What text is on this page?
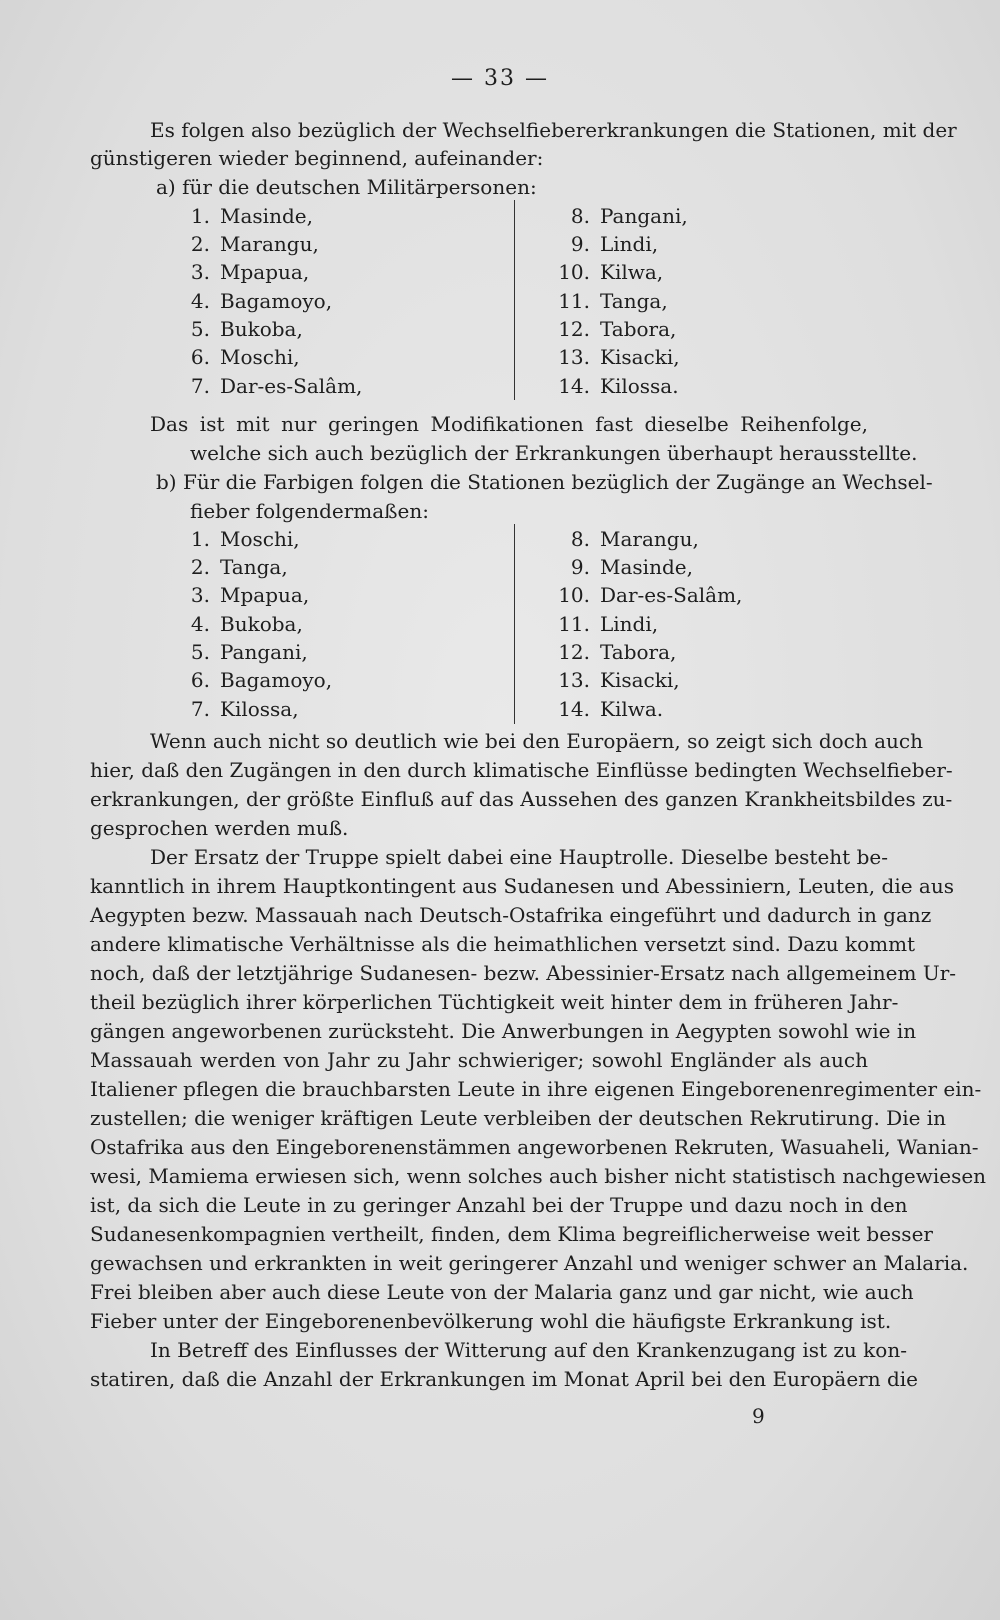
— 33 —
Es folgen also bezüglich der Wechselfiebererkrankungen die Stationen, mit der
günstigeren wieder beginnend, aufeinander:
a) für die deutschen Militärpersonen:
1. Masinde,
2. Marangu,
3. Mpapua,
4. Bagamoyo,
5. Bukoba,
6. Moschi,
7. Dar-es-Salâm,
8. Pangani,
9. Lindi,
10. Kilwa,
11. Tanga,
12. Tabora,
13. Kisacki,
14. Kilossa.
Das ist mit nur geringen Modifikationen fast dieselbe Reihenfolge,
welche sich auch bezüglich der Erkrankungen überhaupt herausstellte.
b) Für die Farbigen folgen die Stationen bezüglich der Zugänge an Wechsel-
fieber folgendermaßen:
1. Moschi,
2. Tanga,
3. Mpapua,
4. Bukoba,
5. Pangani,
6. Bagamoyo,
7. Kilossa,
8. Marangu,
9. Masinde,
10. Dar-es-Salâm,
11. Lindi,
12. Tabora,
13. Kisacki,
14. Kilwa.
Wenn auch nicht so deutlich wie bei den Europäern, so zeigt sich doch auch
hier, daß den Zugängen in den durch klimatische Einflüsse bedingten Wechselfieber-
erkrankungen, der größte Einfluß auf das Aussehen des ganzen Krankheitsbildes zu-
gesprochen werden muß.
Der Ersatz der Truppe spielt dabei eine Hauptrolle. Dieselbe besteht be-
kanntlich in ihrem Hauptkontingent aus Sudanesen und Abessiniern, Leuten, die aus
Aegypten bezw. Massauah nach Deutsch-Ostafrika eingeführt und dadurch in ganz
andere klimatische Verhältnisse als die heimathlichen versetzt sind. Dazu kommt
noch, daß der letztjährige Sudanesen- bezw. Abessinier-Ersatz nach allgemeinem Ur-
theil bezüglich ihrer körperlichen Tüchtigkeit weit hinter dem in früheren Jahr-
gängen angeworbenen zurücksteht. Die Anwerbungen in Aegypten sowohl wie in
Massauah werden von Jahr zu Jahr schwieriger; sowohl Engländer als auch
Italiener pflegen die brauchbarsten Leute in ihre eigenen Eingeborenenregimenter ein-
zustellen; die weniger kräftigen Leute verbleiben der deutschen Rekrutirung. Die in
Ostafrika aus den Eingeborenenstämmen angeworbenen Rekruten, Wasuaheli, Wanian-
wesi, Mamiema erwiesen sich, wenn solches auch bisher nicht statistisch nachgewiesen
ist, da sich die Leute in zu geringer Anzahl bei der Truppe und dazu noch in den
Sudanesenkompagnien vertheilt, finden, dem Klima begreiflicherweise weit besser
gewachsen und erkrankten in weit geringerer Anzahl und weniger schwer an Malaria.
Frei bleiben aber auch diese Leute von der Malaria ganz und gar nicht, wie auch
Fieber unter der Eingeborenenbevölkerung wohl die häufigste Erkrankung ist.
In Betreff des Einflusses der Witterung auf den Krankenzugang ist zu kon-
statiren, daß die Anzahl der Erkrankungen im Monat April bei den Europäern die
9
